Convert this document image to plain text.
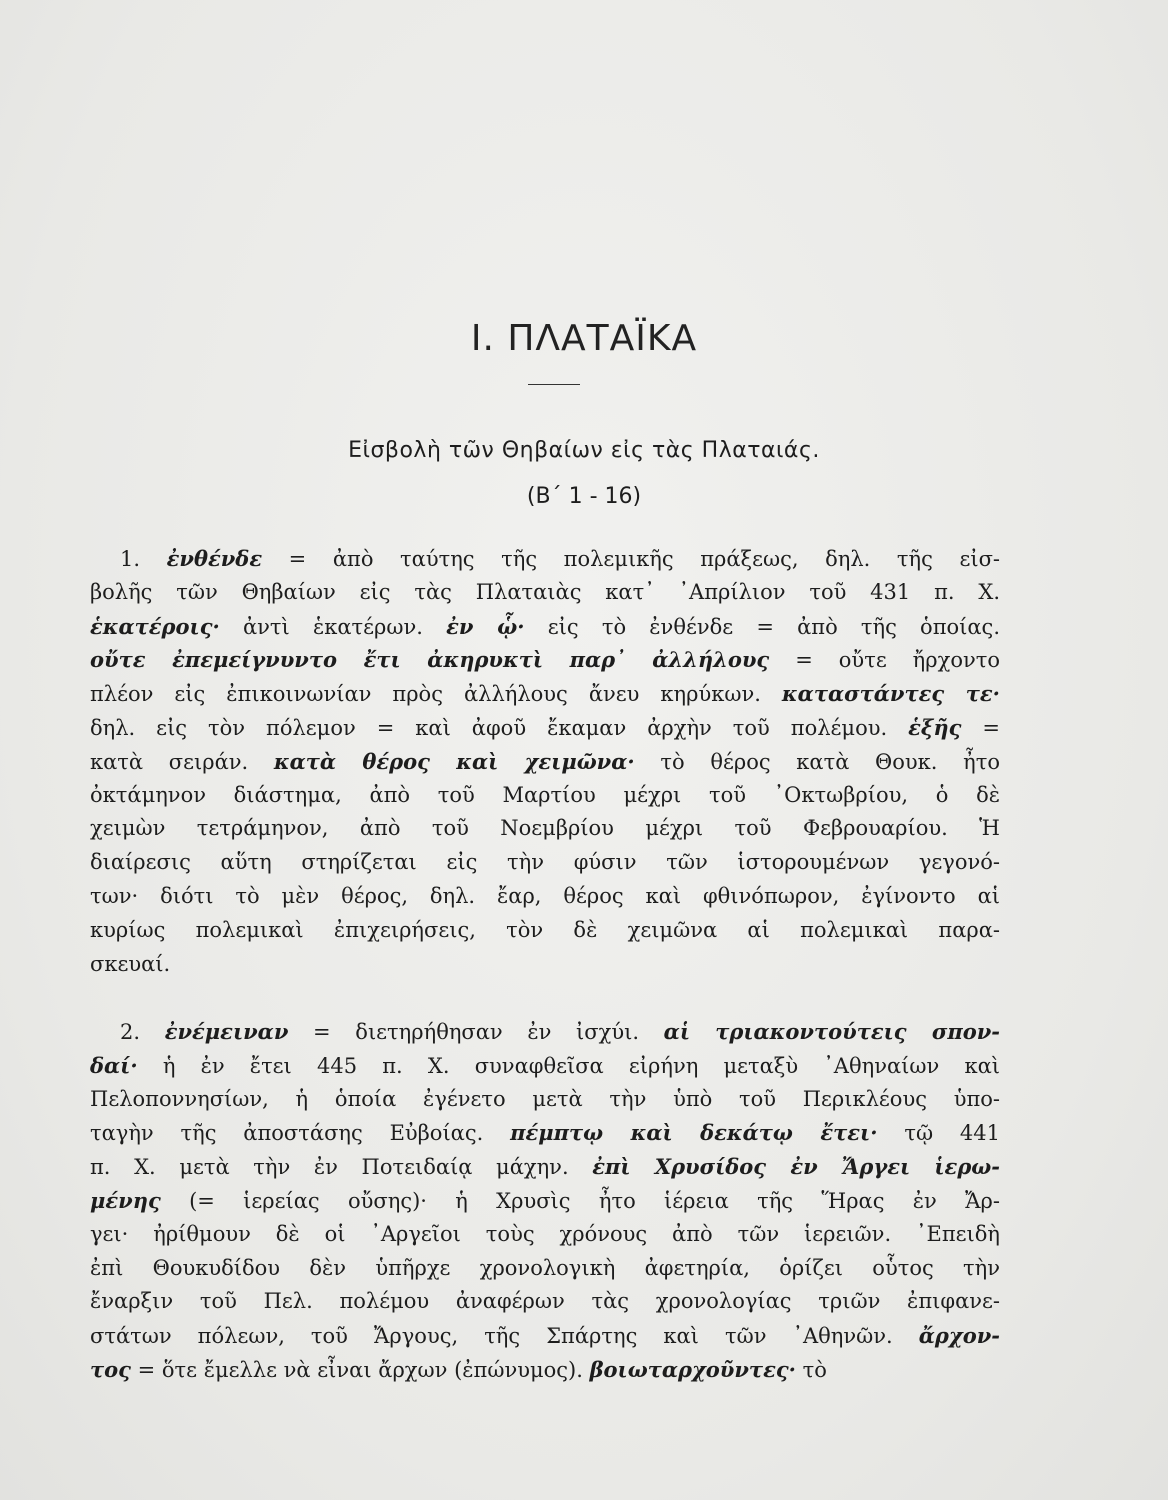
Ι. ΠΛΑΤΑΪΚΑ
Εἰσβολὴ τῶν Θηβαίων εἰς τὰς Πλαταιάς.
(Β΄ 1 - 16)
1. ἐνθένδε = ἀπὸ ταύτης τῆς πολεμικῆς πράξεως, δηλ. τῆς εἰσ-
βολῆς τῶν Θηβαίων εἰς τὰς Πλαταιὰς κατ᾽ ᾽Απρίλιον τοῦ 431 π. Χ.
ἑκατέροις· ἀντὶ ἑκατέρων. ἐν ᾧ· εἰς τὸ ἐνθένδε = ἀπὸ τῆς ὁποίας.
οὔτε ἐπεμείγνυντο ἔτι ἀκηρυκτὶ παρ᾽ ἀλλήλους = οὔτε ἤρχοντο
πλέον εἰς ἐπικοινωνίαν πρὸς ἀλλήλους ἄνευ κηρύκων. καταστάντες τε·
δηλ. εἰς τὸν πόλεμον = καὶ ἀφοῦ ἔκαμαν ἀρχὴν τοῦ πολέμου. ἑξῆς =
κατὰ σειράν. κατὰ θέρος καὶ χειμῶνα· τὸ θέρος κατὰ Θουκ. ἦτο
ὀκτάμηνον διάστημα, ἀπὸ τοῦ Μαρτίου μέχρι τοῦ ᾽Οκτωβρίου, ὁ δὲ
χειμὼν τετράμηνον, ἀπὸ τοῦ Νοεμβρίου μέχρι τοῦ Φεβρουαρίου. Ἡ
διαίρεσις αὕτη στηρίζεται εἰς τὴν φύσιν τῶν ἱστορουμένων γεγονό-
των· διότι τὸ μὲν θέρος, δηλ. ἔαρ, θέρος καὶ φθινόπωρον, ἐγίνοντο αἱ
κυρίως πολεμικαὶ ἐπιχειρήσεις, τὸν δὲ χειμῶνα αἱ πολεμικαὶ παρα-
σκευαί.
2. ἐνέμειναν = διετηρήθησαν ἐν ἰσχύι. αἱ τριακοντούτεις σπον-
δαί· ἡ ἐν ἔτει 445 π. Χ. συναφθεῖσα εἰρήνη μεταξὺ ᾽Αθηναίων καὶ
Πελοποννησίων, ἡ ὁποία ἐγένετο μετὰ τὴν ὑπὸ τοῦ Περικλέους ὑπο-
ταγὴν τῆς ἀποστάσης Εὐβοίας. πέμπτῳ καὶ δεκάτῳ ἔτει· τῷ 441
π. Χ. μετὰ τὴν ἐν Ποτειδαίᾳ μάχην. ἐπὶ Χρυσίδος ἐν Ἄργει ἱερω-
μένης (= ἱερείας οὔσης)· ἡ Χρυσὶς ἦτο ἱέρεια τῆς Ἥρας ἐν Ἄρ-
γει· ἠρίθμουν δὲ οἱ ᾽Αργεῖοι τοὺς χρόνους ἀπὸ τῶν ἱερειῶν. ᾽Επειδὴ
ἐπὶ Θουκυδίδου δὲν ὑπῆρχε χρονολογικὴ ἀφετηρία, ὁρίζει οὗτος τὴν
ἔναρξιν τοῦ Πελ. πολέμου ἀναφέρων τὰς χρονολογίας τριῶν ἐπιφανε-
στάτων πόλεων, τοῦ Ἄργους, τῆς Σπάρτης καὶ τῶν ᾽Αθηνῶν. ἄρχον-
τος = ὅτε ἔμελλε νὰ εἶναι ἄρχων (ἐπώνυμος). βοιωταρχοῦντες· τὸ
